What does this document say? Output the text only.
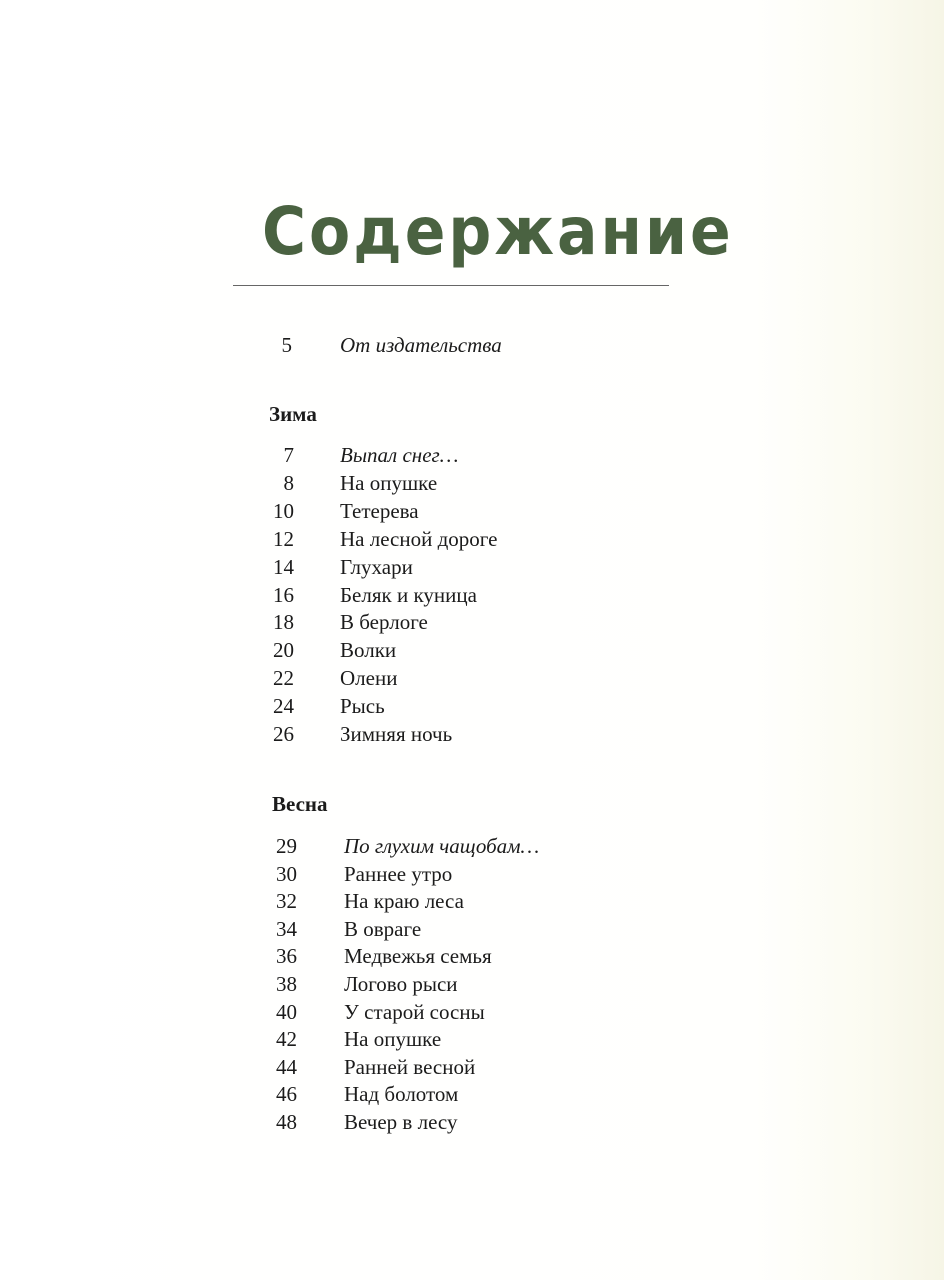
Содержание
5 От издательства
Зима
7 Выпал снег…
8 На опушке
10 Тетерева
12 На лесной дороге
14 Глухари
16 Беляк и куница
18 В берлоге
20 Волки
22 Олени
24 Рысь
26 Зимняя ночь
Весна
29 По глухим чащобам…
30 Раннее утро
32 На краю леса
34 В овраге
36 Медвежья семья
38 Логово рыси
40 У старой сосны
42 На опушке
44 Ранней весной
46 Над болотом
48 Вечер в лесу
